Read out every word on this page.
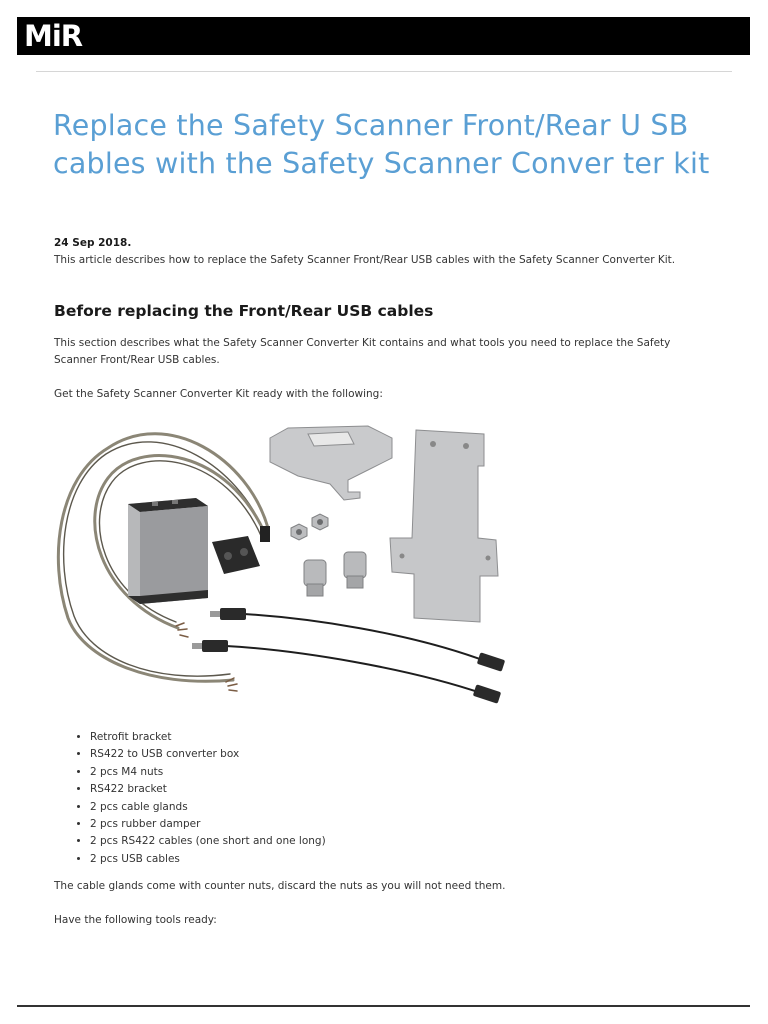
MiR
Replace the Safety Scanner Front/Rear U SB cables with the Safety Scanner Conver ter kit

24 Sep 2018.

This article describes how to replace the Safety Scanner Front/Rear USB cables with the Safety Scanner Converter Kit.

Before replacing the Front/Rear USB cables

This section describes what the Safety Scanner Converter Kit contains and what tools you need to replace the Safety Scanner Front/Rear USB cables.

Get the Safety Scanner Converter Kit ready with the following:

• Retrofit bracket
• RS422 to USB converter box
• 2 pcs M4 nuts
• RS422 bracket
• 2 pcs cable glands
• 2 pcs rubber damper
• 2 pcs RS422 cables (one short and one long)
• 2 pcs USB cables

The cable glands come with counter nuts, discard the nuts as you will not need them.

Have the following tools ready:
